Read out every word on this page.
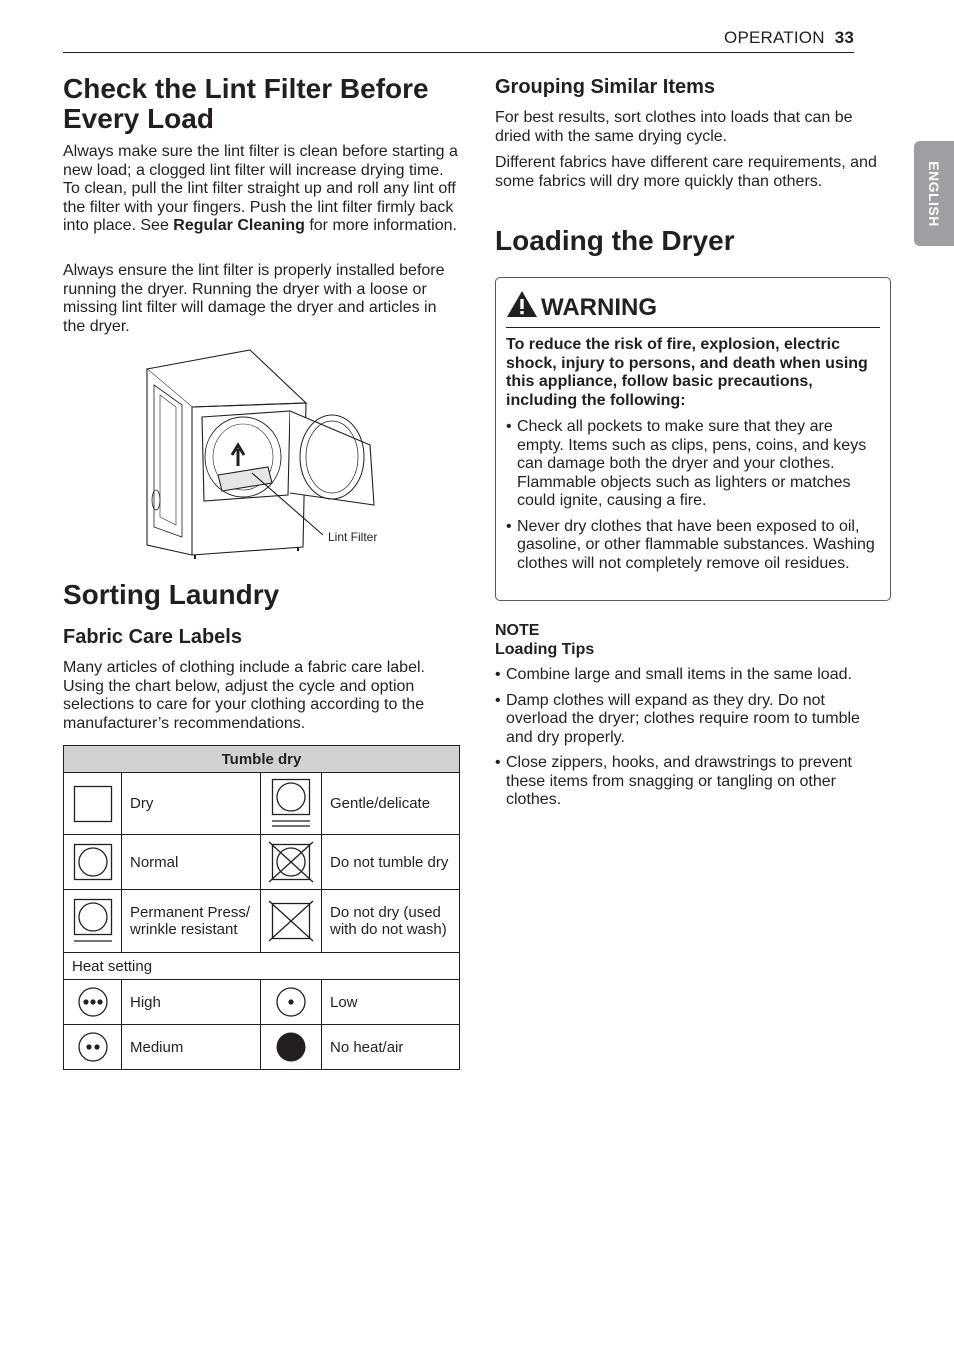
OPERATION 33
ENGLISH
Check the Lint Filter Before
Every Load

Always make sure the lint filter is clean before starting a new load; a clogged lint filter will increase drying time. To clean, pull the lint filter straight up and roll any lint off the filter with your fingers. Push the lint filter firmly back into place. See Regular Cleaning for more information.

Always ensure the lint filter is properly installed before running the dryer. Running the dryer with a loose or missing lint filter will damage the dryer and articles in the dryer.

Lint Filter
Sorting Laundry
Fabric Care Labels

Many articles of clothing include a fabric care label. Using the chart below, adjust the cycle and option selections to care for your clothing according to the manufacturer’s recommendations.

Tumble dry			

	Dry		Gentle/delicate

	Normal		Do not tumble dry

	Permanent Press/ wrinkle resistant		Do not dry (used with do not wash)
Heat setting			

	High		Low

	Medium		No heat/air
Grouping Similar Items

For best results, sort clothes into loads that can be dried with the same drying cycle.

Different fabrics have different care requirements, and some fabrics will dry more quickly than others.

Loading the Dryer
WARNING

To reduce the risk of fire, explosion, electric shock, injury to persons, and death when using this appliance, follow basic precautions, including the following:

• Check all pockets to make sure that they are empty. Items such as clips, pens, coins, and keys can damage both the dryer and your clothes. Flammable objects such as lighters or matches could ignite, causing a fire.
• Never dry clothes that have been exposed to oil, gasoline, or other flammable substances. Washing clothes will not completely remove oil residues.
NOTE
Loading Tips
• Combine large and small items in the same load.
• Damp clothes will expand as they dry. Do not overload the dryer; clothes require room to tumble and dry properly.
• Close zippers, hooks, and drawstrings to prevent these items from snagging or tangling on other clothes.
